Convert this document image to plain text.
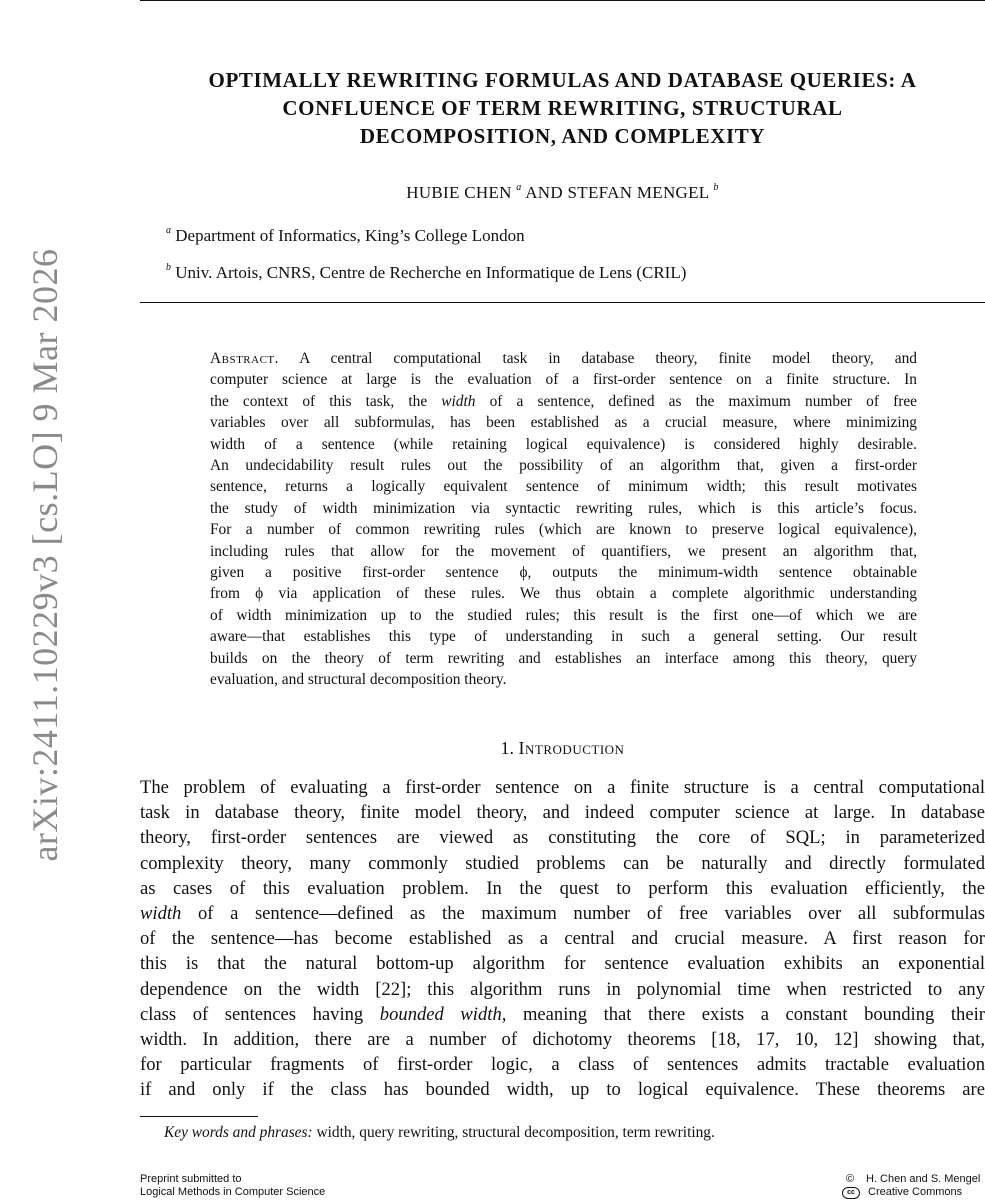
arXiv:2411.10229v3 [cs.LO] 9 Mar 2026
OPTIMALLY REWRITING FORMULAS AND DATABASE QUERIES: A
CONFLUENCE OF TERM REWRITING, STRUCTURAL
DECOMPOSITION, AND COMPLEXITY
HUBIE CHEN $^a$ AND STEFAN MENGEL $^b$
$^a$ Department of Informatics, King’s College London
$^b$ Univ. Artois, CNRS, Centre de Recherche en Informatique de Lens (CRIL)
Abstract. A central computational task in database theory, finite model theory, and
computer science at large is the evaluation of a first-order sentence on a finite structure. In
the context of this task, the width of a sentence, defined as the maximum number of free
variables over all subformulas, has been established as a crucial measure, where minimizing
width of a sentence (while retaining logical equivalence) is considered highly desirable.
An undecidability result rules out the possibility of an algorithm that, given a first-order
sentence, returns a logically equivalent sentence of minimum width; this result motivates
the study of width minimization via syntactic rewriting rules, which is this article’s focus.
For a number of common rewriting rules (which are known to preserve logical equivalence),
including rules that allow for the movement of quantifiers, we present an algorithm that,
given a positive first-order sentence ϕ, outputs the minimum-width sentence obtainable
from ϕ via application of these rules. We thus obtain a complete algorithmic understanding
of width minimization up to the studied rules; this result is the first one—of which we are
aware—that establishes this type of understanding in such a general setting. Our result
builds on the theory of term rewriting and establishes an interface among this theory, query
evaluation, and structural decomposition theory.
1. Introduction
The problem of evaluating a first-order sentence on a finite structure is a central computational
task in database theory, finite model theory, and indeed computer science at large. In database
theory, first-order sentences are viewed as constituting the core of SQL; in parameterized
complexity theory, many commonly studied problems can be naturally and directly formulated
as cases of this evaluation problem. In the quest to perform this evaluation efficiently, the
width of a sentence—defined as the maximum number of free variables over all subformulas
of the sentence—has become established as a central and crucial measure. A first reason for
this is that the natural bottom-up algorithm for sentence evaluation exhibits an exponential
dependence on the width [22]; this algorithm runs in polynomial time when restricted to any
class of sentences having bounded width, meaning that there exists a constant bounding their
width. In addition, there are a number of dichotomy theorems [18, 17, 10, 12] showing that,
for particular fragments of first-order logic, a class of sentences admits tractable evaluation
if and only if the class has bounded width, up to logical equivalence. These theorems are
Key words and phrases: width, query rewriting, structural decomposition, term rewriting.
Preprint submitted to
Logical Methods in Computer Science
©	H. Chen and S. Mengel
cc	Creative Commons
